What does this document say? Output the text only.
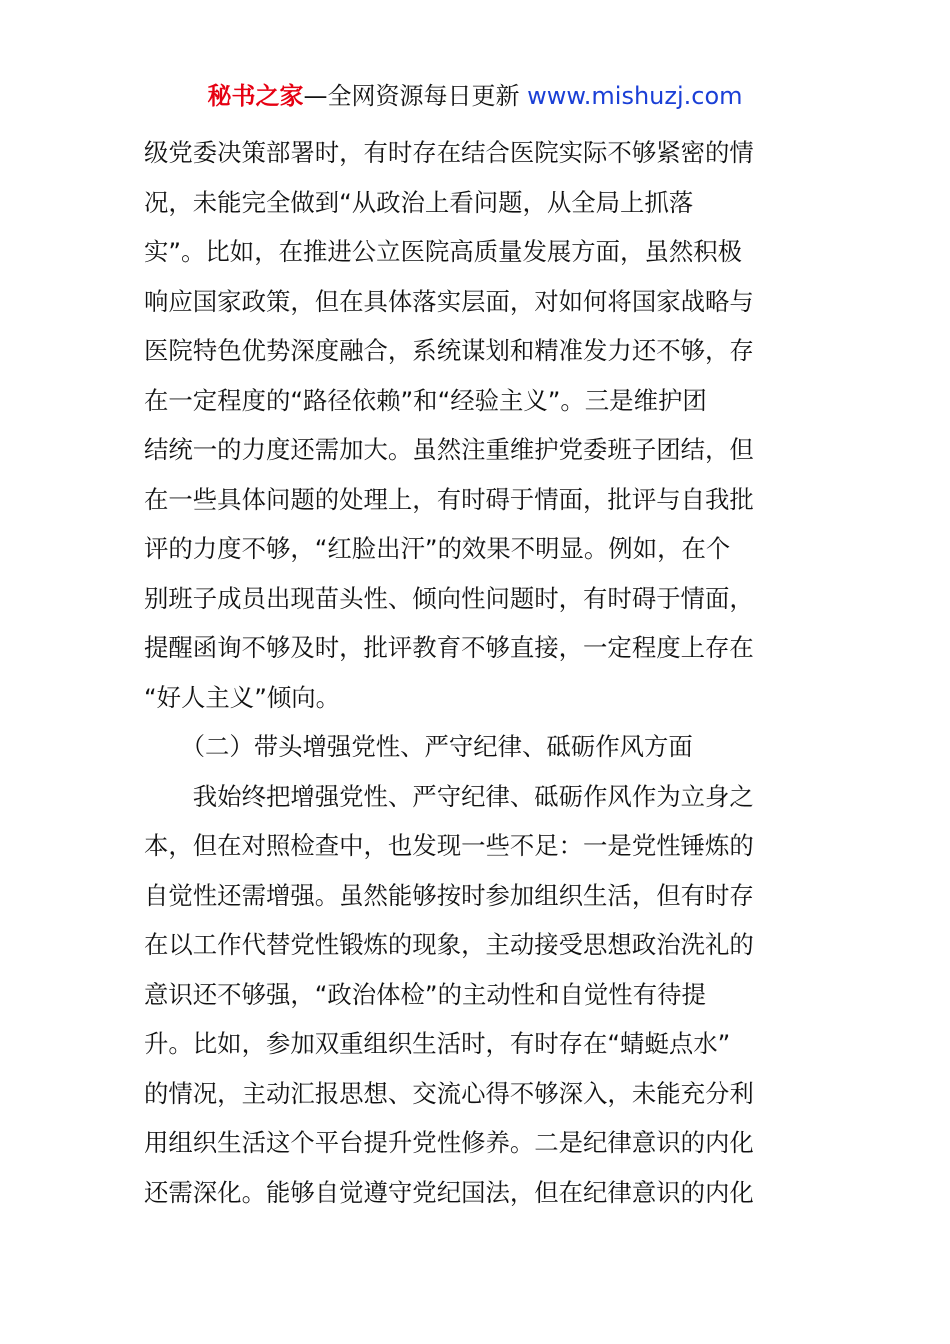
秘书之家—全网资源每日更新 www.mishuzj.com
级党委决策部署时，有时存在结合医院实际不够紧密的情
况，未能完全做到“从政治上看问题，从全局上抓落
实”。比如，在推进公立医院高质量发展方面，虽然积极
响应国家政策，但在具体落实层面，对如何将国家战略与
医院特色优势深度融合，系统谋划和精准发力还不够，存
在一定程度的“路径依赖”和“经验主义”。三是维护团
结统一的力度还需加大。虽然注重维护党委班子团结，但
在一些具体问题的处理上，有时碍于情面，批评与自我批
评的力度不够，“红脸出汗”的效果不明显。例如，在个
别班子成员出现苗头性、倾向性问题时，有时碍于情面，
提醒函询不够及时，批评教育不够直接，一定程度上存在
“好人主义”倾向。
　　（二）带头增强党性、严守纪律、砥砺作风方面
　　我始终把增强党性、严守纪律、砥砺作风作为立身之
本，但在对照检查中，也发现一些不足：一是党性锤炼的
自觉性还需增强。虽然能够按时参加组织生活，但有时存
在以工作代替党性锻炼的现象，主动接受思想政治洗礼的
意识还不够强，“政治体检”的主动性和自觉性有待提
升。比如，参加双重组织生活时，有时存在“蜻蜓点水”
的情况，主动汇报思想、交流心得不够深入，未能充分利
用组织生活这个平台提升党性修养。二是纪律意识的内化
还需深化。能够自觉遵守党纪国法，但在纪律意识的内化
